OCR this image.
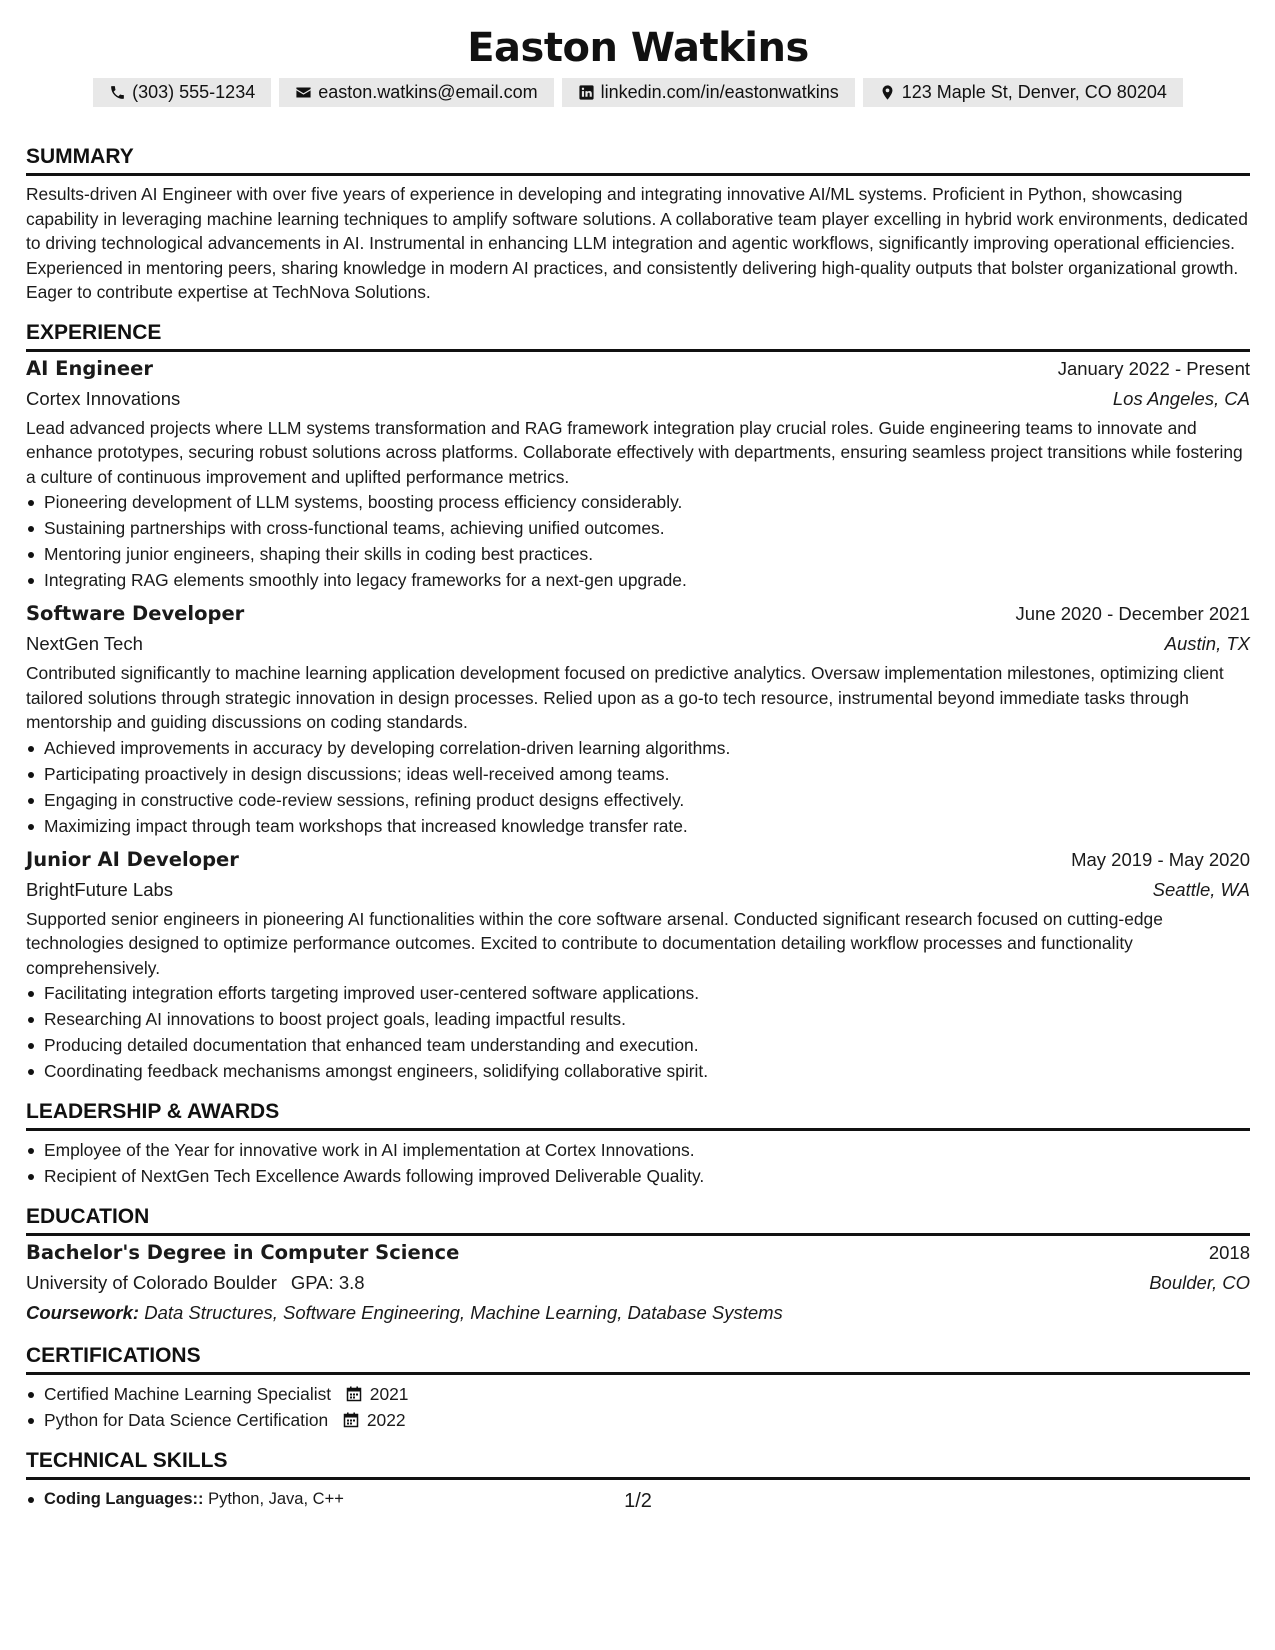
Easton Watkins
(303) 555-1234	easton.watkins@email.com	linkedin.com/in/eastonwatkins	123 Maple St, Denver, CO 80204
SUMMARY

Results-driven AI Engineer with over five years of experience in developing and integrating innovative AI/ML systems. Proficient in Python, showcasing capability in leveraging machine learning techniques to amplify software solutions. A collaborative team player excelling in hybrid work environments, dedicated to driving technological advancements in AI. Instrumental in enhancing LLM integration and agentic workflows, significantly improving operational efficiencies. Experienced in mentoring peers, sharing knowledge in modern AI practices, and consistently delivering high-quality outputs that bolster organizational growth. Eager to contribute expertise at TechNova Solutions.

EXPERIENCE
AI Engineer	January 2022 - Present
Cortex Innovations	Los Angeles, CA

Lead advanced projects where LLM systems transformation and RAG framework integration play crucial roles. Guide engineering teams to innovate and enhance prototypes, securing robust solutions across platforms. Collaborate effectively with departments, ensuring seamless project transitions while fostering a culture of continuous improvement and uplifted performance metrics.

Pioneering development of LLM systems, boosting process efficiency considerably.
Sustaining partnerships with cross-functional teams, achieving unified outcomes.
Mentoring junior engineers, shaping their skills in coding best practices.
Integrating RAG elements smoothly into legacy frameworks for a next-gen upgrade.
Software Developer	June 2020 - December 2021
NextGen Tech	Austin, TX

Contributed significantly to machine learning application development focused on predictive analytics. Oversaw implementation milestones, optimizing client tailored solutions through strategic innovation in design processes. Relied upon as a go-to tech resource, instrumental beyond immediate tasks through mentorship and guiding discussions on coding standards.

Achieved improvements in accuracy by developing correlation-driven learning algorithms.
Participating proactively in design discussions; ideas well-received among teams.
Engaging in constructive code-review sessions, refining product designs effectively.
Maximizing impact through team workshops that increased knowledge transfer rate.
Junior AI Developer	May 2019 - May 2020
BrightFuture Labs	Seattle, WA

Supported senior engineers in pioneering AI functionalities within the core software arsenal. Conducted significant research focused on cutting-edge technologies designed to optimize performance outcomes. Excited to contribute to documentation detailing workflow processes and functionality comprehensively.

Facilitating integration efforts targeting improved user-centered software applications.
Researching AI innovations to boost project goals, leading impactful results.
Producing detailed documentation that enhanced team understanding and execution.
Coordinating feedback mechanisms amongst engineers, solidifying collaborative spirit.
LEADERSHIP & AWARDS
Employee of the Year for innovative work in AI implementation at Cortex Innovations.
Recipient of NextGen Tech Excellence Awards following improved Deliverable Quality.
EDUCATION
Bachelor's Degree in Computer Science	2018
University of Colorado Boulder GPA: 3.8	Boulder, CO
Coursework: Data Structures, Software Engineering, Machine Learning, Database Systems
CERTIFICATIONS
Certified Machine Learning Specialist 2021
Python for Data Science Certification 2022
TECHNICAL SKILLS
Coding Languages:: Python, Java, C++	1/2
